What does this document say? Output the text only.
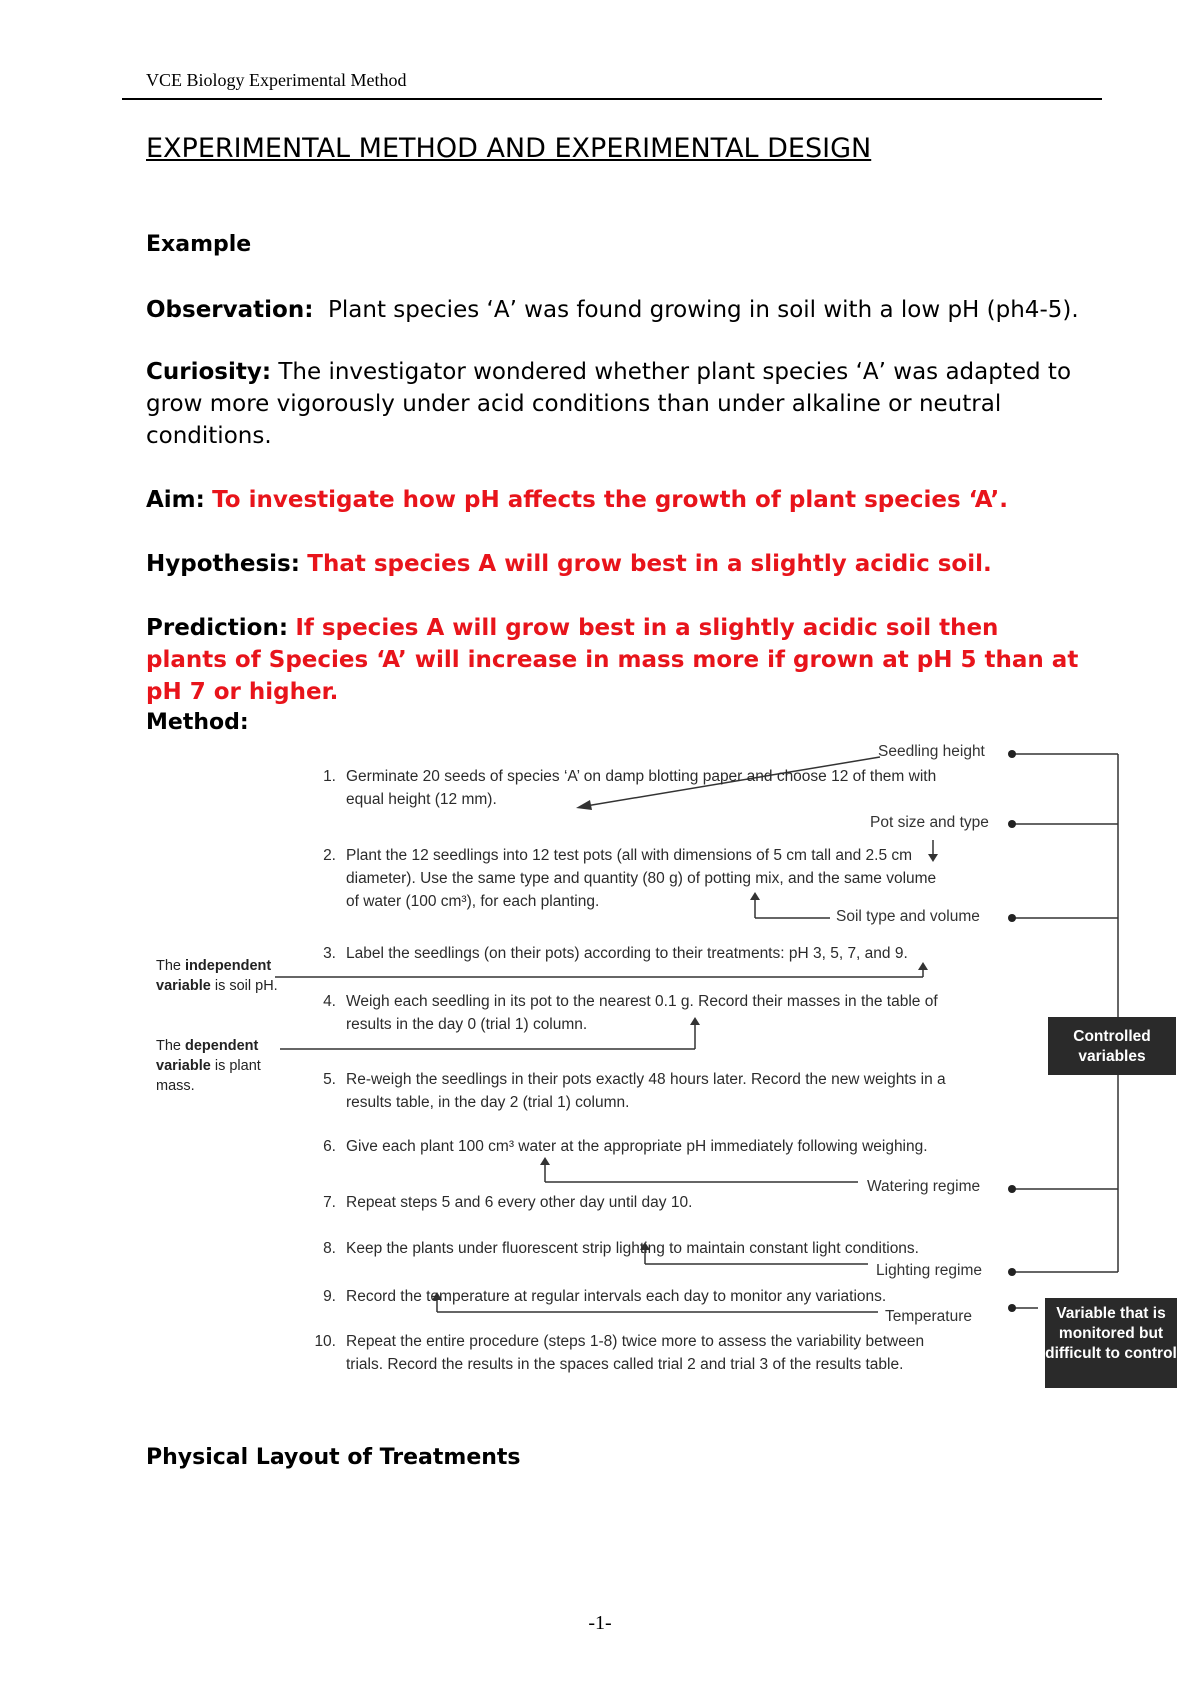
VCE Biology Experimental Method
EXPERIMENTAL METHOD AND EXPERIMENTAL DESIGN
Example
Observation: Plant species ‘A’ was found growing in soil with a low pH (ph4-5).
Curiosity: The investigator wondered whether plant species ‘A’ was adapted to grow more vigorously under acid conditions than under alkaline or neutral conditions.
Aim: To investigate how pH affects the growth of plant species ‘A’.
Hypothesis: That species A will grow best in a slightly acidic soil.
Prediction: If species A will grow best in a slightly acidic soil then plants of Species ‘A’ will increase in mass more if grown at pH 5 than at pH 7 or higher.
Method:
Seedling height
Pot size and type
Soil type and volume
Watering regime
Lighting regime
Temperature
The independent variable is soil pH.
The dependent variable is plant mass.
Controlled variables
Variable that is monitored but difficult to control
1. Germinate 20 seeds of species ‘A’ on damp blotting paper and choose 12 of them with equal height (12 mm).
2. Plant the 12 seedlings into 12 test pots (all with dimensions of 5 cm tall and 2.5 cm diameter). Use the same type and quantity (80 g) of potting mix, and the same volume of water (100 cm³), for each planting.
3. Label the seedlings (on their pots) according to their treatments: pH 3, 5, 7, and 9.
4. Weigh each seedling in its pot to the nearest 0.1 g. Record their masses in the table of results in the day 0 (trial 1) column.
5. Re-weigh the seedlings in their pots exactly 48 hours later. Record the new weights in a results table, in the day 2 (trial 1) column.
6. Give each plant 100 cm³ water at the appropriate pH immediately following weighing.
7. Repeat steps 5 and 6 every other day until day 10.
8. Keep the plants under fluorescent strip lighting to maintain constant light conditions.
9. Record the temperature at regular intervals each day to monitor any variations.
10. Repeat the entire procedure (steps 1-8) twice more to assess the variability between trials. Record the results in the spaces called trial 2 and trial 3 of the results table.
Physical Layout of Treatments
-1-
